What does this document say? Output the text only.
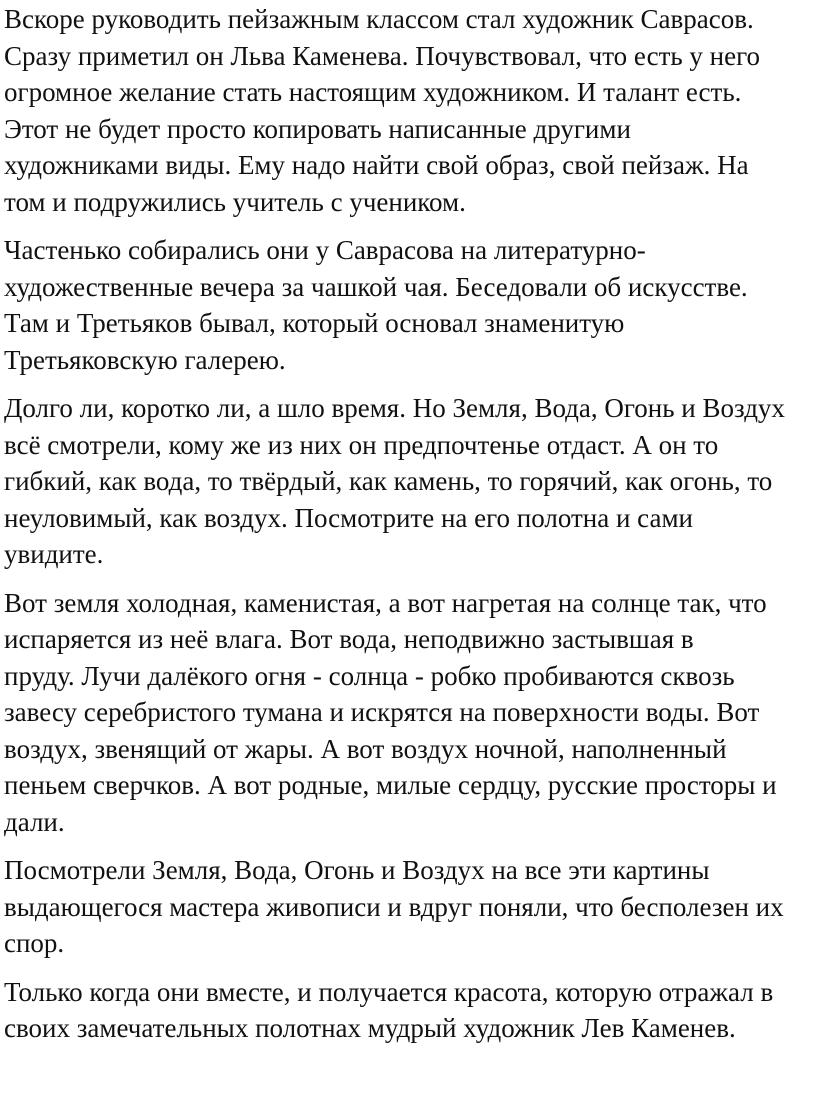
Вскоре руководить пейзажным классом стал художник Саврасов.
Сразу приметил он Льва Каменева. Почувствовал, что есть у него
огромное желание стать настоящим художником. И талант есть.
Этот не будет просто копировать написанные другими
художниками виды. Ему надо найти свой образ, свой пейзаж. На
том и подружились учитель с учеником.

Частенько собирались они у Саврасова на литературно-
художественные вечера за чашкой чая. Беседовали об искусстве.
Там и Третьяков бывал, который основал знаменитую
Третьяковскую галерею.

Долго ли, коротко ли, а шло время. Но Земля, Вода, Огонь и Воздух
всё смотрели, кому же из них он предпочтенье отдаст. А он то
гибкий, как вода, то твёрдый, как камень, то горячий, как огонь, то
неуловимый, как воздух. Посмотрите на его полотна и сами
увидите.

Вот земля холодная, каменистая, а вот нагретая на солнце так, что
испаряется из неё влага. Вот вода, неподвижно застывшая в
пруду. Лучи далёкого огня - солнца - робко пробиваются сквозь
завесу серебристого тумана и искрятся на поверхности воды. Вот
воздух, звенящий от жары. А вот воздух ночной, наполненный
пеньем сверчков. А вот родные, милые сердцу, русские просторы и
дали.

Посмотрели Земля, Вода, Огонь и Воздух на все эти картины
выдающегося мастера живописи и вдруг поняли, что бесполезен их
спор.

Только когда они вместе, и получается красота, которую отражал в
своих замечательных полотнах мудрый художник Лев Каменев.
